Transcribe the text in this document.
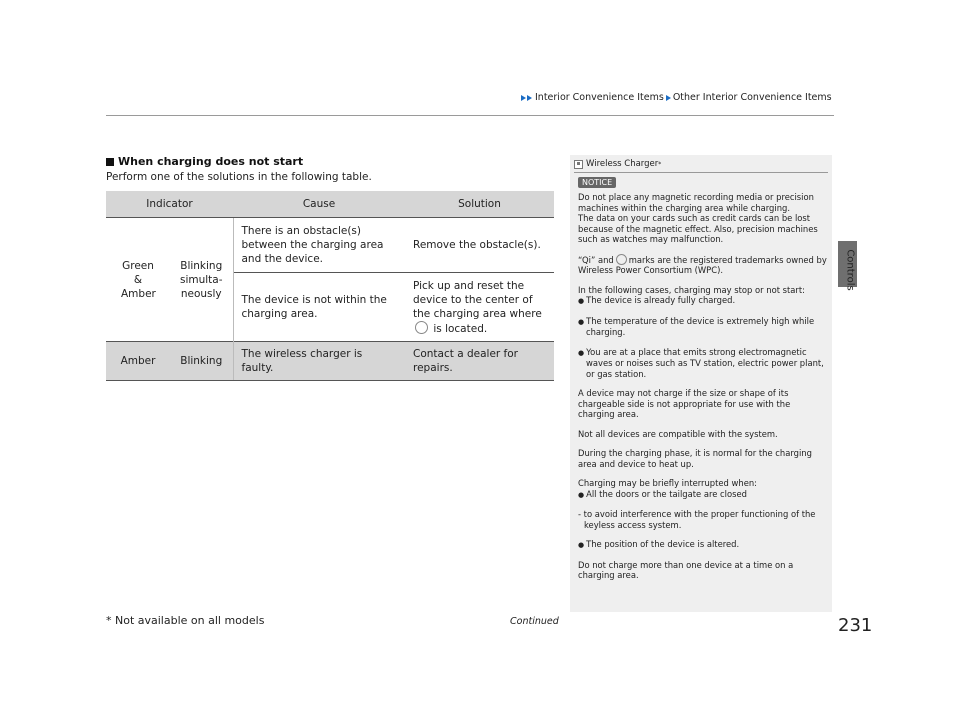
Interior Convenience Items Other Interior Convenience Items
Controls
When charging does not start
Perform one of the solutions in the following table.
Indicator		Cause	Solution
Green & Amber	Blinking simulta-neously	There is an obstacle(s) between the charging area and the device.	Remove the obstacle(s).
		The device is not within the charging area.	Pick up and reset the device to the center of the charging area where  is located.
Amber	Blinking	The wireless charger is faulty.	Contact a dealer for repairs.
Wireless Charger *
NOTICE

Do not place any magnetic recording media or precision machines within the charging area while charging.

The data on your cards such as credit cards can be lost because of the magnetic effect. Also, precision machines such as watches may malfunction.

“Qi” and marks are the registered trademarks owned by Wireless Power Consortium (WPC).

In the following cases, charging may stop or not start:

● The device is already fully charged.

● The temperature of the device is extremely high while charging.

● You are at a place that emits strong electromagnetic waves or noises such as TV station, electric power plant, or gas station.

A device may not charge if the size or shape of its chargeable side is not appropriate for use with the charging area.

Not all devices are compatible with the system.

During the charging phase, it is normal for the charging area and device to heat up.

Charging may be briefly interrupted when:

● All the doors or the tailgate are closed

- to avoid interference with the proper functioning of the keyless access system.

● The position of the device is altered.

Do not charge more than one device at a time on a charging area.

* Not available on all models	Continued	231
